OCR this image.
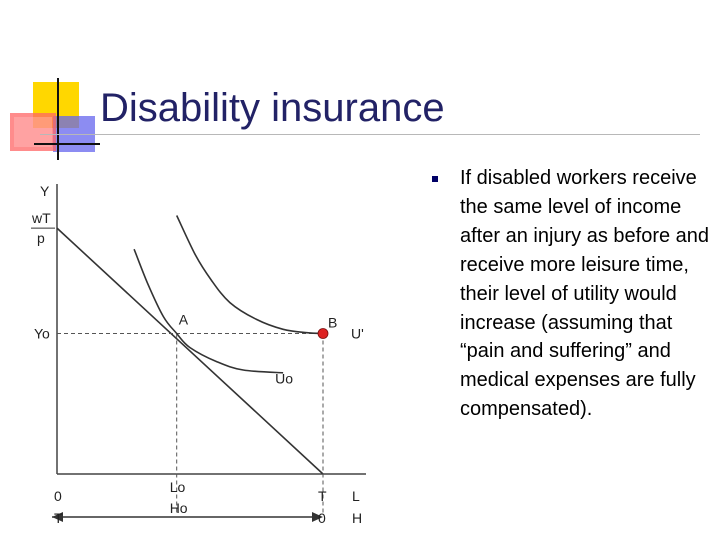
Disability insurance
Uo
U'
A	B
Y
wT
p
Yo
L
H
0
Lo
T
T
Ho
0
If disabled workers receive the same level of income after an injury as before and receive more leisure time, their level of utility would increase (assuming that “pain and suffering” and medical expenses are fully compensated).
